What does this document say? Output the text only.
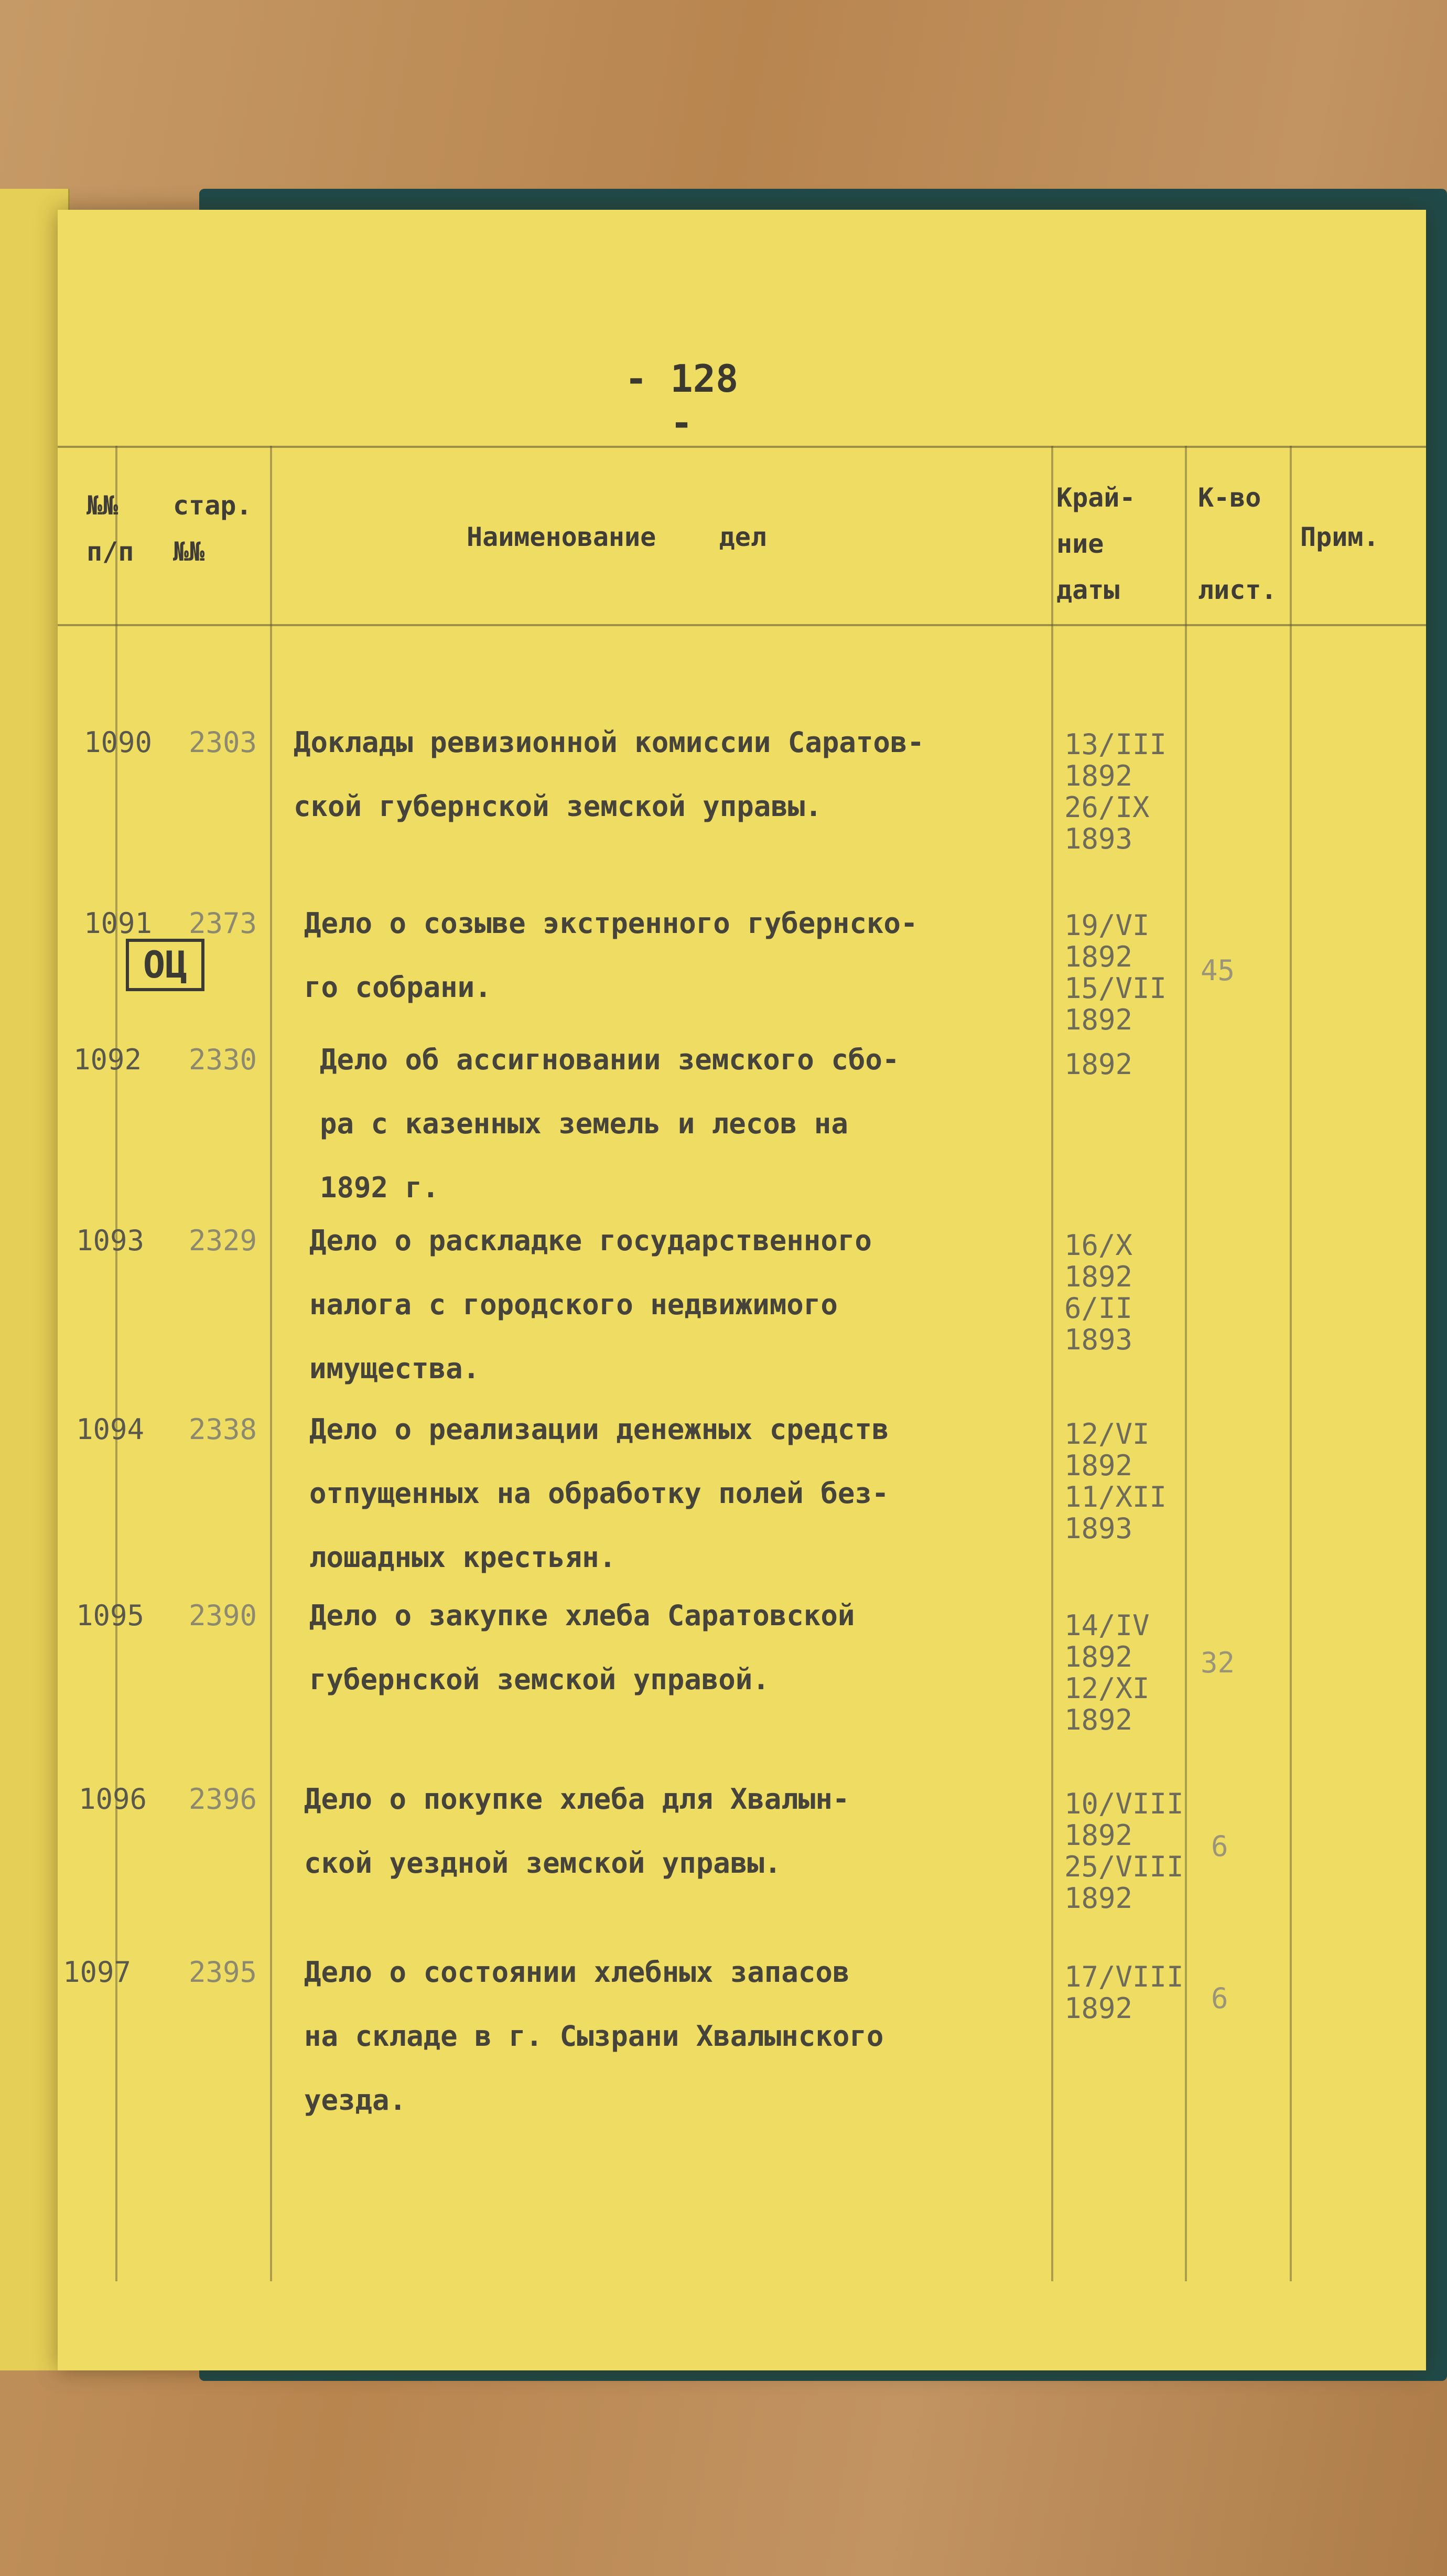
- 128 -
№№
п/п
стар.
№№	Наименование    дел
Край-
ние
даты
К-во

лист.
Прим.
ОЦ
1090 2303 Доклады ревизионной комиссии Саратов-
ской губернской земской управы.
13/III
1892
26/IX
1893
1091 2373 Дело о созыве экстренного губернско-
го собрани.
19/VI
1892
15/VII
1892
45
1092 2330 Дело об ассигновании земского сбо-
ра с казенных земель и лесов на
1892 г.
1892
1093 2329 Дело о раскладке государственного
налога с городского недвижимого
имущества.
16/X
1892
6/II
1893
1094 2338 Дело о реализации денежных средств
отпущенных на обработку полей без-
лошадных крестьян.
12/VI
1892
11/XII
1893
1095 2390 Дело о закупке хлеба Саратовской
губернской земской управой.
14/IV
1892
12/XI
1892
32
1096 2396 Дело о покупке хлеба для Хвалын-
ской уездной земской управы.
10/VIII
1892
25/VIII
1892
6
1097 2395 Дело о состоянии хлебных запасов
на складе в г. Сызрани Хвалынского
уезда.
17/VIII
1892	6
